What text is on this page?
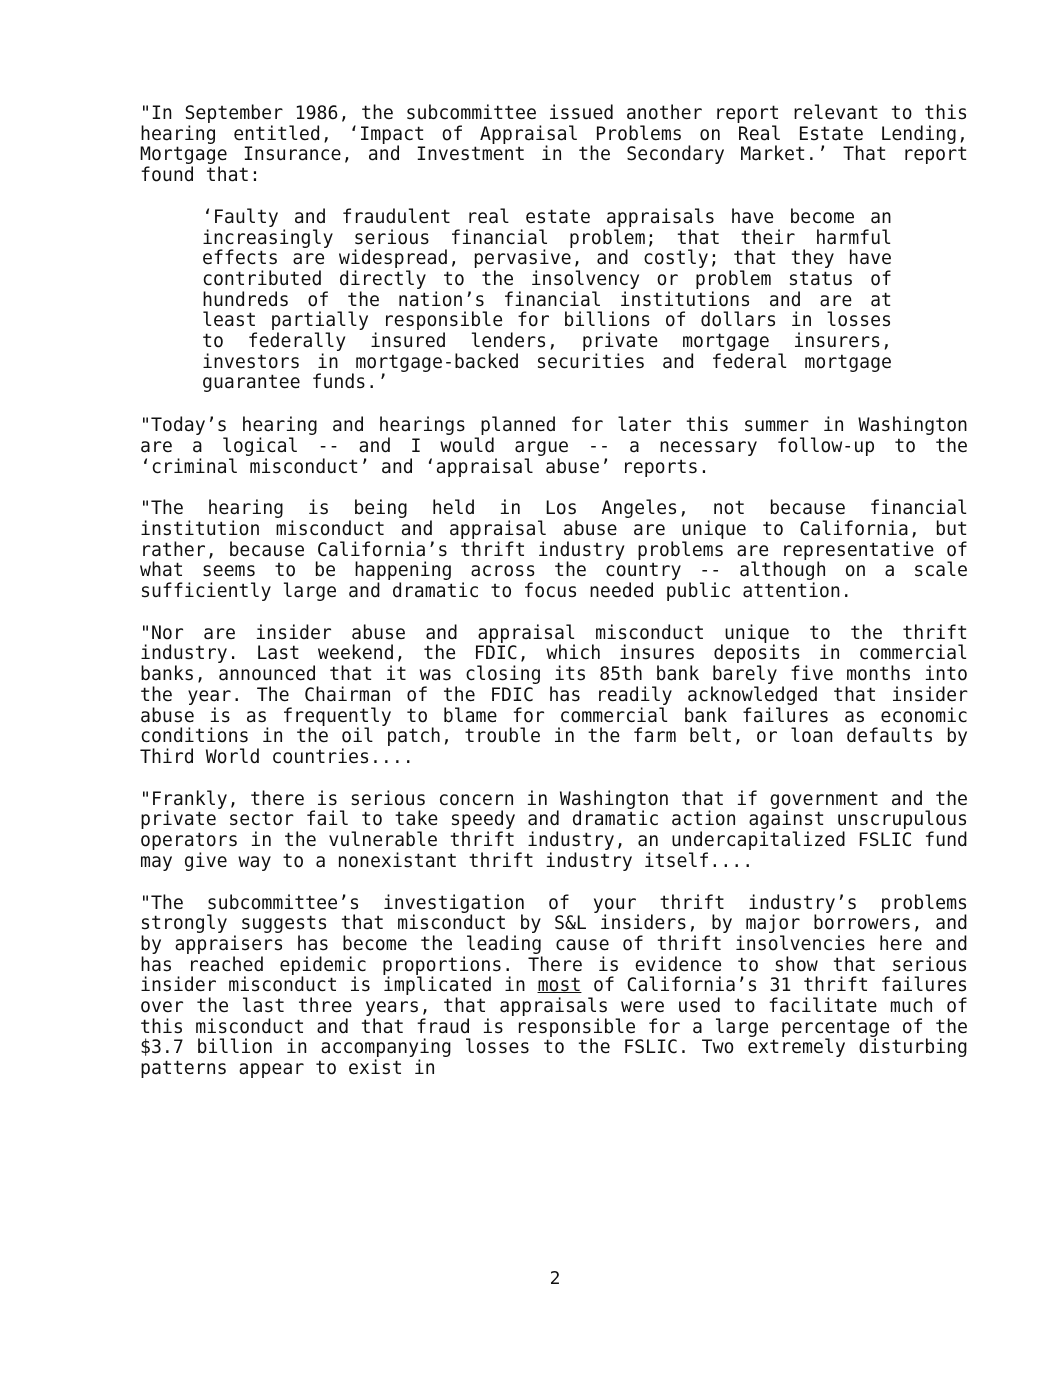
"In September 1986, the subcommittee issued another report relevant to this hearing entitled, ‘Impact of Appraisal Problems on Real Estate Lending, Mortgage Insurance, and Investment in the Secondary Market.’ That report found that:

‘Faulty and fraudulent real estate appraisals have become an increasingly serious financial problem; that their harmful effects are widespread, pervasive, and costly; that they have contributed directly to the insolvency or problem status of hundreds of the nation’s financial institutions and are at least partially responsible for billions of dollars in losses to federally insured lenders, private mortgage insurers, investors in mortgage-backed securities and federal mortgage guarantee funds.’

"Today’s hearing and hearings planned for later this summer in Washington are a logical -- and I would argue -- a necessary follow-up to the ‘criminal misconduct’ and ‘appraisal abuse’ reports.

"The hearing is being held in Los Angeles, not because financial institution misconduct and appraisal abuse are unique to California, but rather, because California’s thrift industry problems are representative of what seems to be happening across the country -- although on a scale sufficiently large and dramatic to focus needed public attention.

"Nor are insider abuse and appraisal misconduct unique to the thrift industry. Last weekend, the FDIC, which insures deposits in commercial banks, announced that it was closing its 85th bank barely five months into the year. The Chairman of the FDIC has readily acknowledged that insider abuse is as frequently to blame for commercial bank failures as economic conditions in the oil patch, trouble in the farm belt, or loan defaults by Third World countries....

"Frankly, there is serious concern in Washington that if government and the private sector fail to take speedy and dramatic action against unscrupulous operators in the vulnerable thrift industry, an undercapitalized FSLIC fund may give way to a nonexistant thrift industry itself....

"The subcommittee’s investigation of your thrift industry’s problems strongly suggests that misconduct by S&L insiders, by major borrowers, and by appraisers has become the leading cause of thrift insolvencies here and has reached epidemic proportions. There is evidence to show that serious insider misconduct is implicated in most of California’s 31 thrift failures over the last three years, that appraisals were used to facilitate much of this misconduct and that fraud is responsible for a large percentage of the $3.7 billion in accompanying losses to the FSLIC. Two extremely disturbing patterns appear to exist in

2
